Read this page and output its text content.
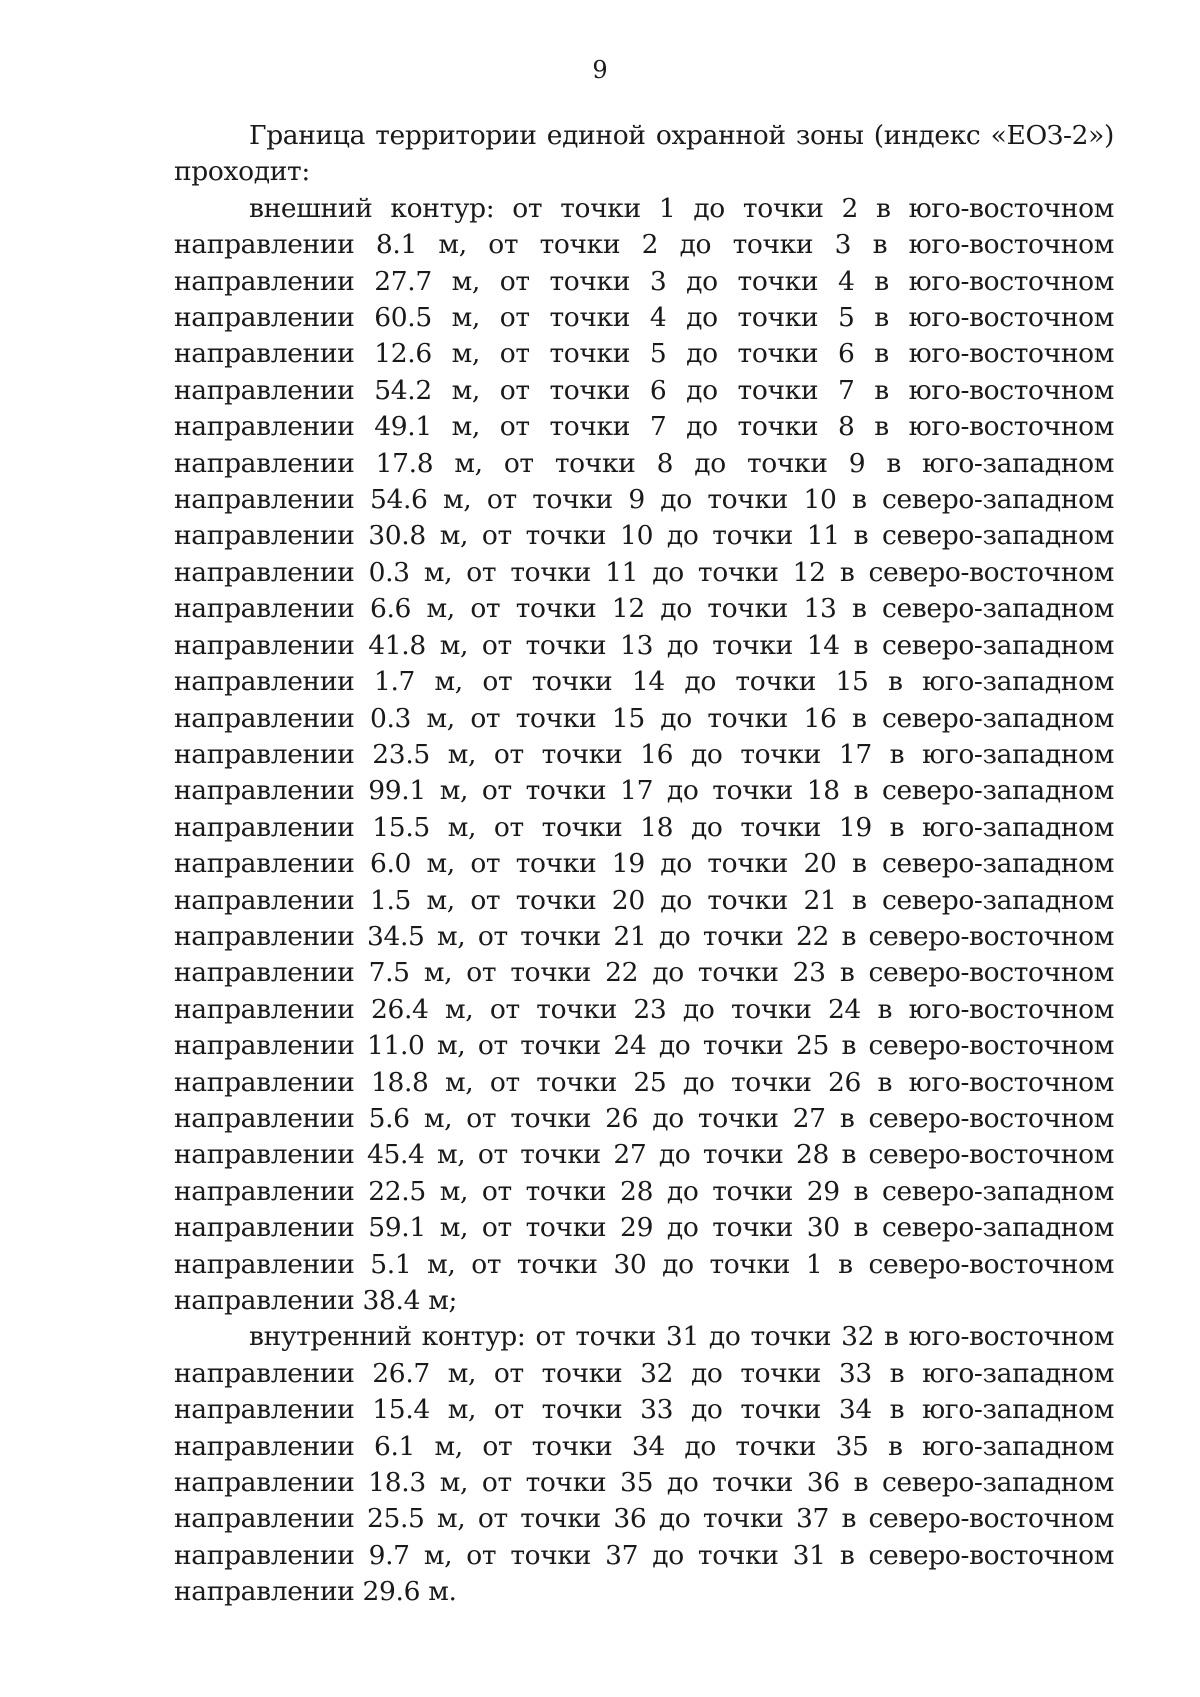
9

Граница территории единой охранной зоны (индекс «ЕОЗ-2») проходит:

внешний контур: от точки 1 до точки 2 в юго-восточном направлении 8.1 м, от точки 2 до точки 3 в юго-восточном направлении 27.7 м, от точки 3 до точки 4 в юго-восточном направлении 60.5 м, от точки 4 до точки 5 в юго-восточном направлении 12.6 м, от точки 5 до точки 6 в юго-восточном направлении 54.2 м, от точки 6 до точки 7 в юго-восточном направлении 49.1 м, от точки 7 до точки 8 в юго-восточном направлении 17.8 м, от точки 8 до точки 9 в юго-западном направлении 54.6 м, от точки 9 до точки 10 в северо-западном направлении 30.8 м, от точки 10 до точки 11 в северо-западном направлении 0.3 м, от точки 11 до точки 12 в северо-восточном направлении 6.6 м, от точки 12 до точки 13 в северо-западном направлении 41.8 м, от точки 13 до точки 14 в северо-западном направлении 1.7 м, от точки 14 до точки 15 в юго-западном направлении 0.3 м, от точки 15 до точки 16 в северо-западном направлении 23.5 м, от точки 16 до точки 17 в юго-западном направлении 99.1 м, от точки 17 до точки 18 в северо-западном направлении 15.5 м, от точки 18 до точки 19 в юго-западном направлении 6.0 м, от точки 19 до точки 20 в северо-западном направлении 1.5 м, от точки 20 до точки 21 в северо-западном направлении 34.5 м, от точки 21 до точки 22 в северо-восточном направлении 7.5 м, от точки 22 до точки 23 в северо-восточном направлении 26.4 м, от точки 23 до точки 24 в юго-восточном направлении 11.0 м, от точки 24 до точки 25 в северо-восточном направлении 18.8 м, от точки 25 до точки 26 в юго-восточном направлении 5.6 м, от точки 26 до точки 27 в северо-восточном направлении 45.4 м, от точки 27 до точки 28 в северо-восточном направлении 22.5 м, от точки 28 до точки 29 в северо-западном направлении 59.1 м, от точки 29 до точки 30 в северо-западном направлении 5.1 м, от точки 30 до точки 1 в северо-восточном направлении 38.4 м;

внутренний контур: от точки 31 до точки 32 в юго-восточном направлении 26.7 м, от точки 32 до точки 33 в юго-западном направлении 15.4 м, от точки 33 до точки 34 в юго-западном направлении 6.1 м, от точки 34 до точки 35 в юго-западном направлении 18.3 м, от точки 35 до точки 36 в северо-западном направлении 25.5 м, от точки 36 до точки 37 в северо-восточном направлении 9.7 м, от точки 37 до точки 31 в северо-восточном направлении 29.6 м.
